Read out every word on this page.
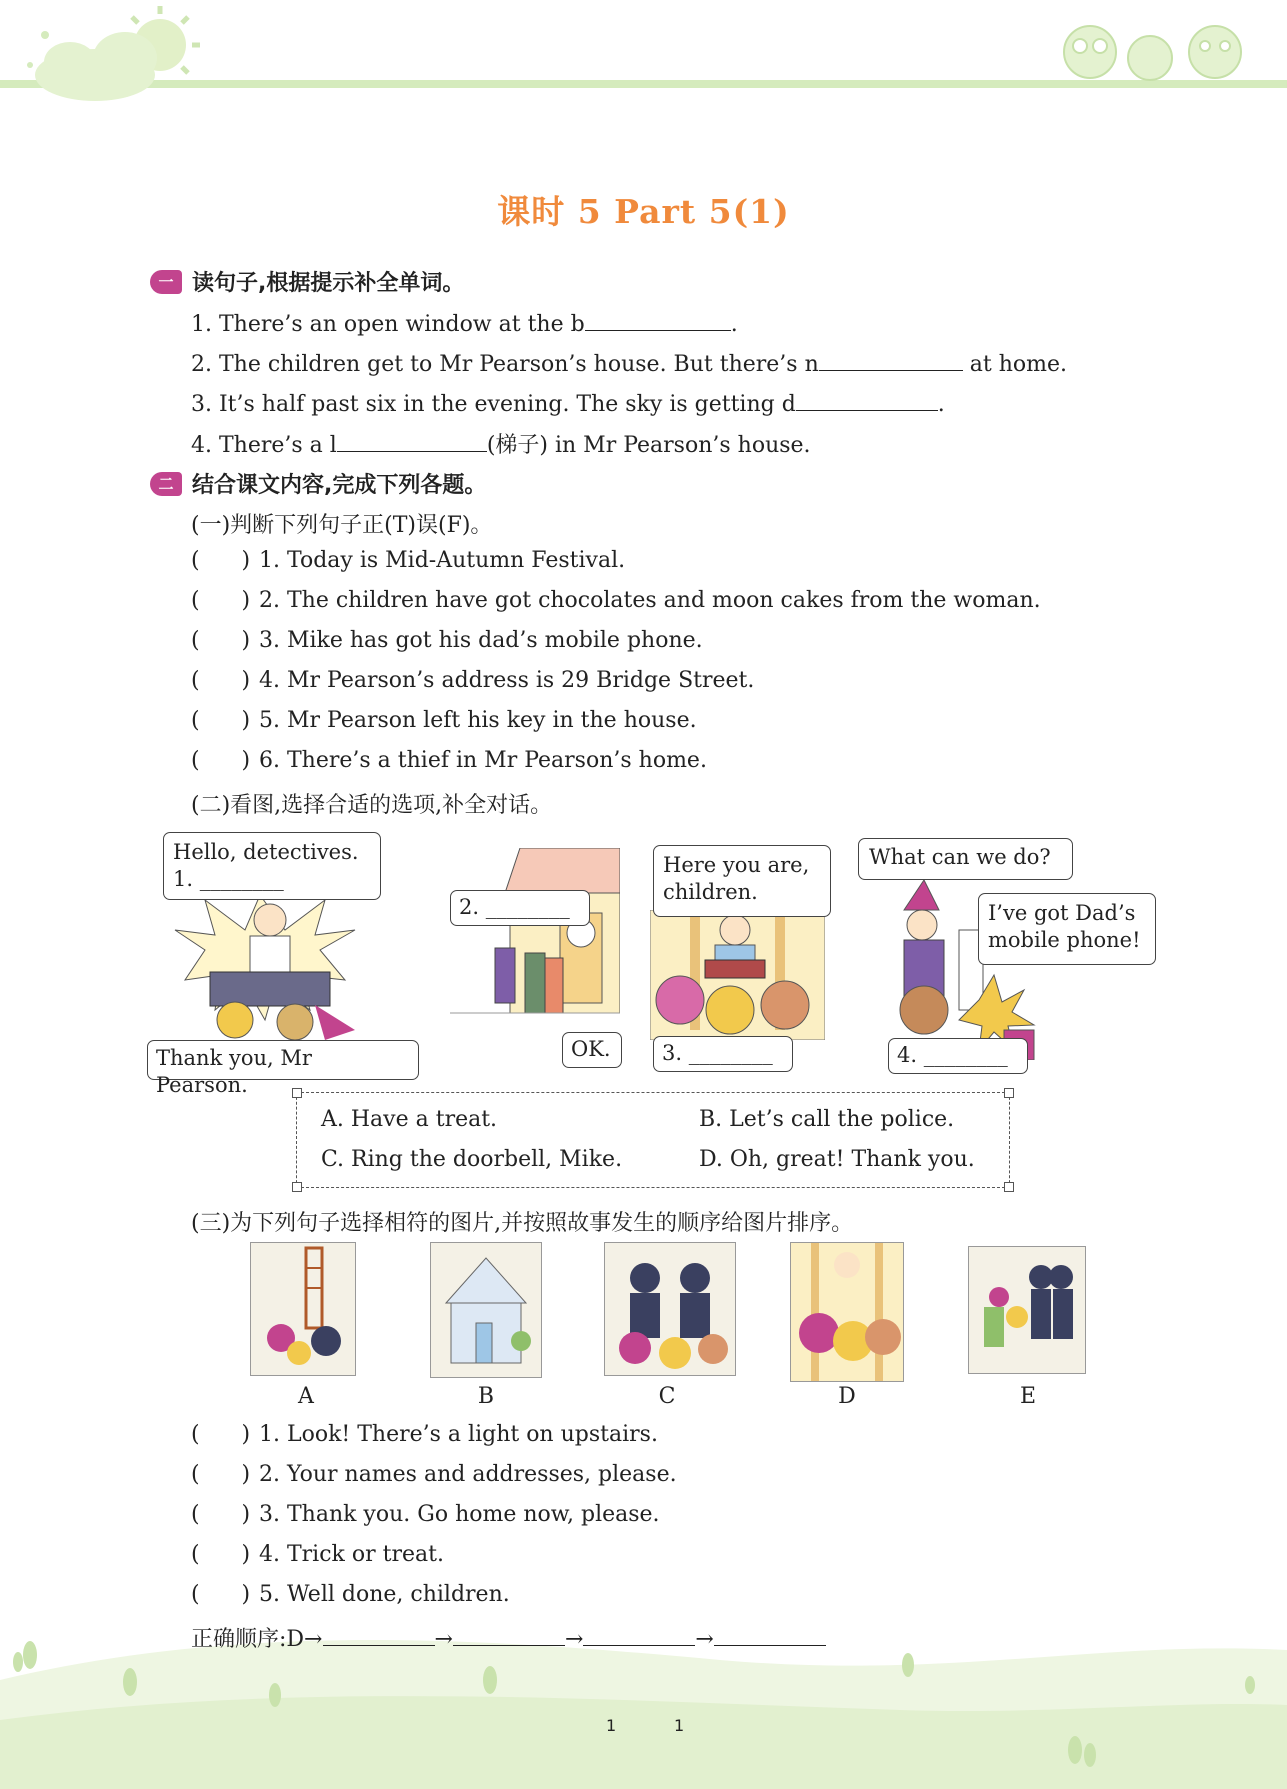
课时 5 Part 5(1)
一 读句子,根据提示补全单词。
1. There’s an open window at the b	.
2. The children get to Mr Pearson’s house. But there’s n	at home.
3. It’s half past six in the evening. The sky is getting d	.
4. There’s a l	(梯子) in Mr Pearson’s house.
二 结合课文内容,完成下列各题。
(一)判断下列句子正(T)误(F)。
(      ) 1. Today is Mid-Autumn Festival.
(      ) 2. The children have got chocolates and moon cakes from the woman.
(      ) 3. Mike has got his dad’s mobile phone.
(      ) 4. Mr Pearson’s address is 29 Bridge Street.
(      ) 5. Mr Pearson left his key in the house.
(      ) 6. There’s a thief in Mr Pearson’s home.
(二)看图,选择合适的选项,补全对话。
Hello, detectives.
1. ________
Thank you, Mr Pearson.
2. ________
OK.
Here you are,
children.
3. ________
What can we do?
I’ve got Dad’s
mobile phone!
4. ________
A. Have a treat.	B. Let’s call the police.
C. Ring the doorbell, Mike.	D. Oh, great! Thank you.
(三)为下列句子选择相符的图片,并按照故事发生的顺序给图片排序。
A	B	C	D	E
(      ) 1. Look! There’s a light on upstairs.
(      ) 2. Your names and addresses, please.
(      ) 3. Thank you. Go home now, please.
(      ) 4. Trick or treat.
(      ) 5. Well done, children.
正确顺序:D→	→	→	→
1	1
